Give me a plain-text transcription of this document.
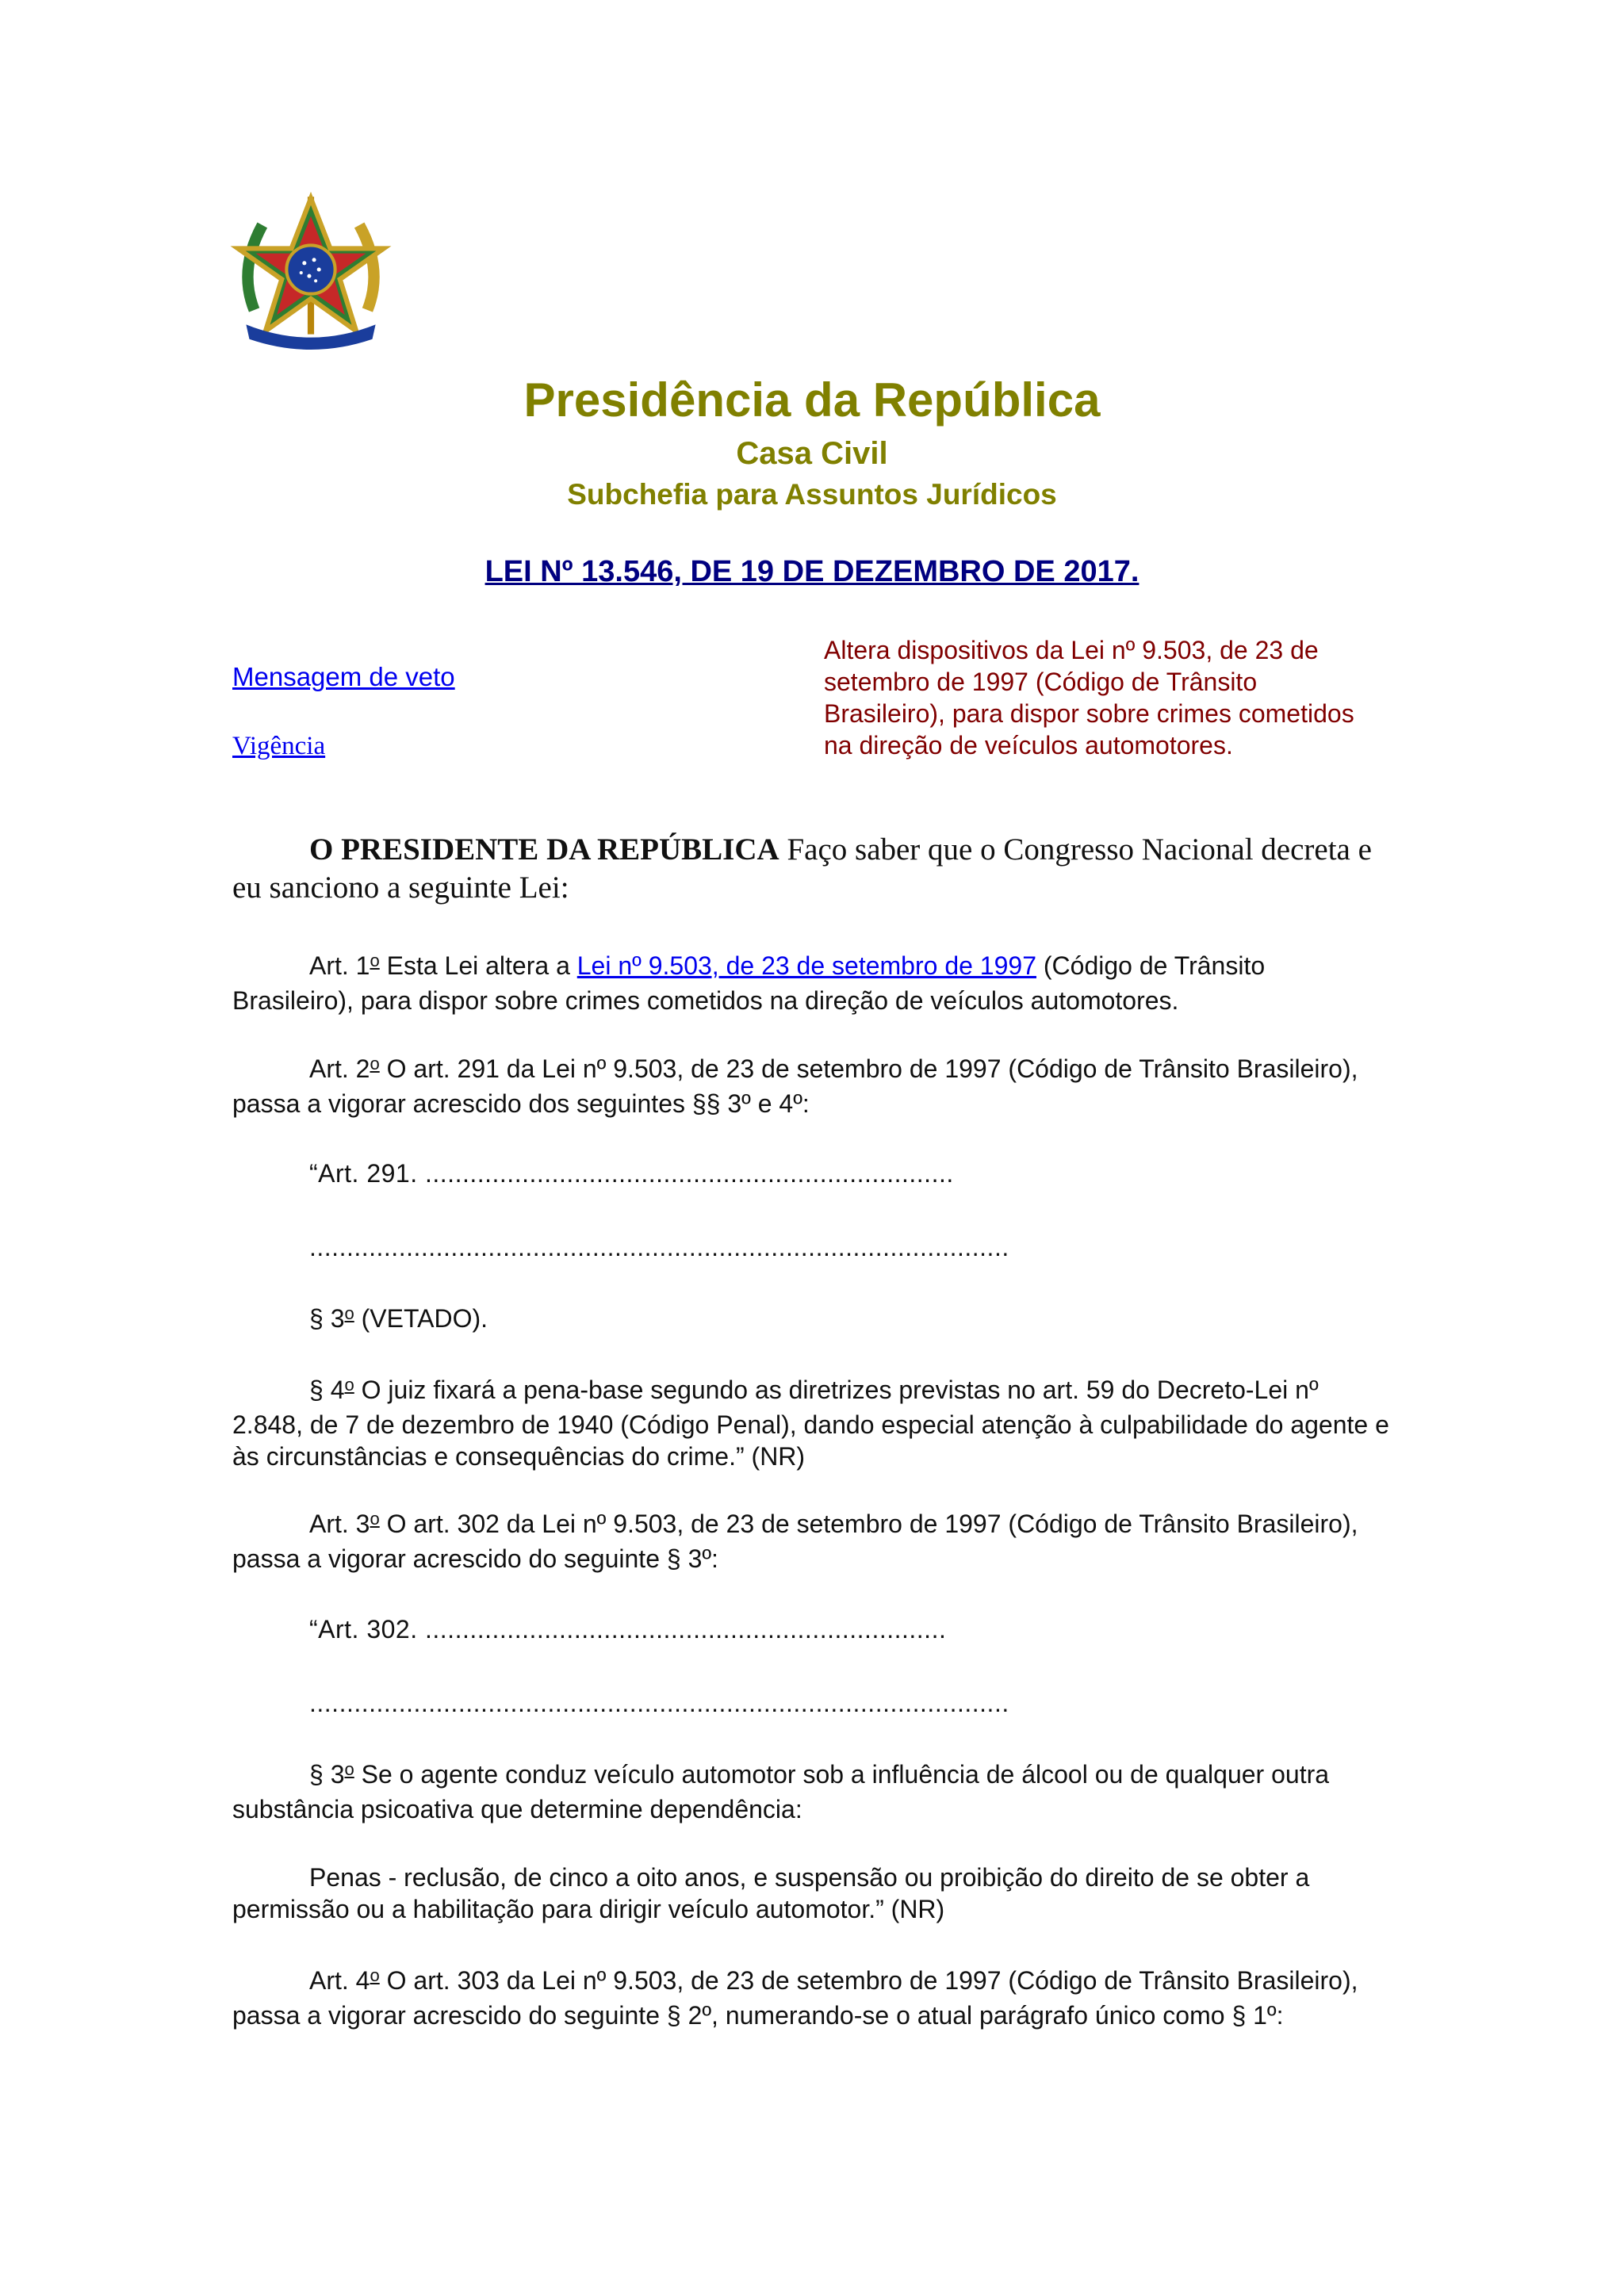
Presidência da República
Casa Civil
Subchefia para Assuntos Jurídicos
LEI Nº 13.546, DE 19 DE DEZEMBRO DE 2017.
Mensagem de veto
Vigência
Altera dispositivos da Lei nº 9.503, de 23 de setembro de 1997 (Código de Trânsito Brasileiro), para dispor sobre crimes cometidos na direção de veículos automotores.
O PRESIDENTE DA REPÚBLICA Faço saber que o Congresso Nacional decreta e eu sanciono a seguinte Lei:
Art. 1$^o$ Esta Lei altera a Lei nº 9.503, de 23 de setembro de 1997 (Código de Trânsito Brasileiro), para dispor sobre crimes cometidos na direção de veículos automotores.
Art. 2$^o$ O art. 291 da Lei nº 9.503, de 23 de setembro de 1997 (Código de Trânsito Brasileiro), passa a vigorar acrescido dos seguintes §§ 3º e 4º:
“Art. 291. .......................................................................
..............................................................................................
§ 3$^o$ (VETADO).
§ 4$^o$ O juiz fixará a pena-base segundo as diretrizes previstas no art. 59 do Decreto-Lei nº 2.848, de 7 de dezembro de 1940 (Código Penal), dando especial atenção à culpabilidade do agente e às circunstâncias e consequências do crime.” (NR)
Art. 3$^o$ O art. 302 da Lei nº 9.503, de 23 de setembro de 1997 (Código de Trânsito Brasileiro), passa a vigorar acrescido do seguinte § 3º:
“Art. 302. ......................................................................
..............................................................................................
§ 3$^o$ Se o agente conduz veículo automotor sob a influência de álcool ou de qualquer outra substância psicoativa que determine dependência:
Penas - reclusão, de cinco a oito anos, e suspensão ou proibição do direito de se obter a permissão ou a habilitação para dirigir veículo automotor.” (NR)
Art. 4$^o$ O art. 303 da Lei nº 9.503, de 23 de setembro de 1997 (Código de Trânsito Brasileiro), passa a vigorar acrescido do seguinte § 2º, numerando-se o atual parágrafo único como § 1º:
